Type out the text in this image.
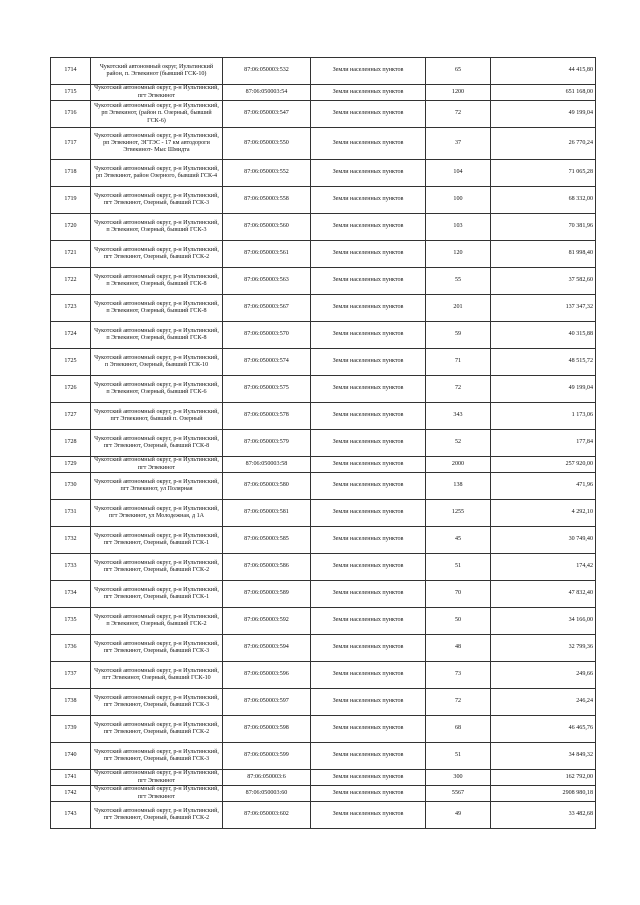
1714	Чукотский автономный округ, Иультинский район, п. Эгвекинот (бывший ГСК-10)	87:06:050003:532	Земли населенных пунктов	65	44 415,80
1715	Чукотский автономный округ, р-н Иультинский, пгт Эгвекинот	87:06:050003:54	Земли населенных пунктов	1200	651 168,00
1716	Чукотский автономный округ, р-н Иультинский, рп Эгвекинот, (район п. Озерный, бывший ГСК-6)	87:06:050003:547	Земли населенных пунктов	72	49 199,04
1717	Чукотский автономный округ, р-н Иультинский, рп Эгвекинот, ЭГТЭС - 17 км автодороги Эгвекинот- Мыс Шмидта	87:06:050003:550	Земли населенных пунктов	37	26 770,24
1718	Чукотский автономный округ, р-н Иультинский, рп Эгвекинот, район Озерного, бывший ГСК-4	87:06:050003:552	Земли населенных пунктов	104	71 065,28
1719	Чукотский автономный округ, р-н Иультинский, пгт Эгвекинот, Озерный, бывший ГСК-3	87:06:050003:558	Земли населенных пунктов	100	68 332,00
1720	Чукотский автономный округ, р-н Иультинский, п Эгвекинот, Озерный, бывший ГСК-3	87:06:050003:560	Земли населенных пунктов	103	70 381,96
1721	Чукотский автономный округ, р-н Иультинский, пгт Эгвекинот, Озерный, бывший ГСК-2	87:06:050003:561	Земли населенных пунктов	120	81 998,40
1722	Чукотский автономный округ, р-н Иультинский, п Эгвекинот, Озерный, бывший ГСК-8	87:06:050003:563	Земли населенных пунктов	55	37 582,60
1723	Чукотский автономный округ, р-н Иультинский, п Эгвекинот, Озерный, бывший ГСК-8	87:06:050003:567	Земли населенных пунктов	201	137 347,32
1724	Чукотский автономный округ, р-н Иультинский, п Эгвекинот, Озерный, бывший ГСК-8	87:06:050003:570	Земли населенных пунктов	59	40 315,88
1725	Чукотский автономный округ, р-н Иультинский, п Эгвекинот, Озерный, бывший ГСК-10	87:06:050003:574	Земли населенных пунктов	71	48 515,72
1726	Чукотский автономный округ, р-н Иультинский, п Эгвекинот, Озерный, бывший ГСК-6	87:06:050003:575	Земли населенных пунктов	72	49 199,04
1727	Чукотский автономный округ, р-н Иультинский, пгт Эгвекинот, бывший п. Озерный	87:06:050003:578	Земли населенных пунктов	343	1 173,06
1728	Чукотский автономный округ, р-н Иультинский, пгт Эгвекинот, Озерный, бывший ГСК-8	87:06:050003:579	Земли населенных пунктов	52	177,84
1729	Чукотский автономный округ, р-н Иультинский, пгт Эгвекинот	87:06:050003:58	Земли населенных пунктов	2000	257 920,00
1730	Чукотский автономный округ, р-н Иультинский, пгт Эгвекинот, ул Полярная	87:06:050003:580	Земли населенных пунктов	138	471,96
1731	Чукотский автономный округ, р-н Иультинский, пгт Эгвекинот, ул Молодежная, д 1А	87:06:050003:581	Земли населенных пунктов	1255	4 292,10
1732	Чукотский автономный округ, р-н Иультинский, пгт Эгвекинот, Озерный, бывший ГСК-1	87:06:050003:585	Земли населенных пунктов	45	30 749,40
1733	Чукотский автономный округ, р-н Иультинский, пгт Эгвекинот, Озерный, бывший ГСК-2	87:06:050003:586	Земли населенных пунктов	51	174,42
1734	Чукотский автономный округ, р-н Иультинский, пгт Эгвекинот, Озерный, бывший ГСК-1	87:06:050003:589	Земли населенных пунктов	70	47 832,40
1735	Чукотский автономный округ, р-н Иультинский, п Эгвекинот, Озерный, бывший ГСК-2	87:06:050003:592	Земли населенных пунктов	50	34 166,00
1736	Чукотский автономный округ, р-н Иультинский, пгт Эгвекинот, Озерный, бывший ГСК-3	87:06:050003:594	Земли населенных пунктов	48	32 799,36
1737	Чукотский автономный округ, р-н Иультинский, пгт Эгвекинот, Озерный, бывший ГСК-10	87:06:050003:596	Земли населенных пунктов	73	249,66
1738	Чукотский автономный округ, р-н Иультинский, пгт Эгвекинот, Озерный, бывший ГСК-3	87:06:050003:597	Земли населенных пунктов	72	246,24
1739	Чукотский автономный округ, р-н Иультинский, пгт Эгвекинот, Озерный, бывший ГСК-2	87:06:050003:598	Земли населенных пунктов	68	46 465,76
1740	Чукотский автономный округ, р-н Иультинский, пгт Эгвекинот, Озерный, бывший ГСК-3	87:06:050003:599	Земли населенных пунктов	51	34 849,32
1741	Чукотский автономный округ, р-н Иультинский, пгт Эгвекинот	87:06:050003:6	Земли населенных пунктов	300	162 792,00
1742	Чукотский автономный округ, р-н Иультинский, пгт Эгвекинот	87:06:050003:60	Земли населенных пунктов	5567	2908 980,18
1743	Чукотский автономный округ, р-н Иультинский, пгт Эгвекинот, Озерный, бывший ГСК-2	87:06:050003:602	Земли населенных пунктов	49	33 482,68
